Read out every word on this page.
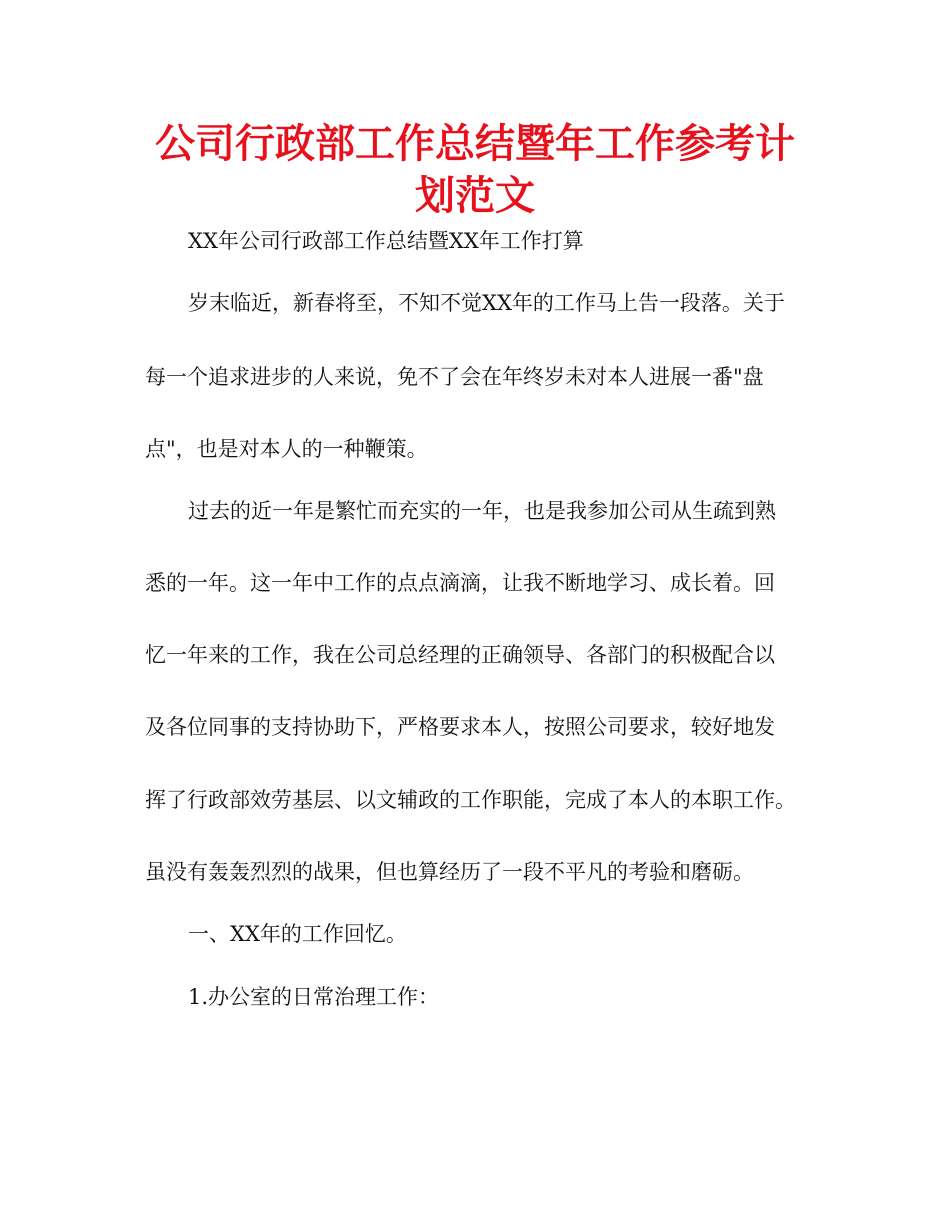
公司行政部工作总结暨年工作参考计划范文

XX年公司行政部工作总结暨XX年工作打算

岁末临近，新春将至，不知不觉XX年的工作马上告一段落。关于

每一个追求进步的人来说，免不了会在年终岁未对本人进展一番"盘

点"，也是对本人的一种鞭策。

过去的近一年是繁忙而充实的一年，也是我参加公司从生疏到熟

悉的一年。这一年中工作的点点滴滴，让我不断地学习、成长着。回

忆一年来的工作，我在公司总经理的正确领导、各部门的积极配合以

及各位同事的支持协助下，严格要求本人，按照公司要求，较好地发

挥了行政部效劳基层、以文辅政的工作职能，完成了本人的本职工作。

虽没有轰轰烈烈的战果，但也算经历了一段不平凡的考验和磨砺。

一、XX年的工作回忆。

1.办公室的日常治理工作：
